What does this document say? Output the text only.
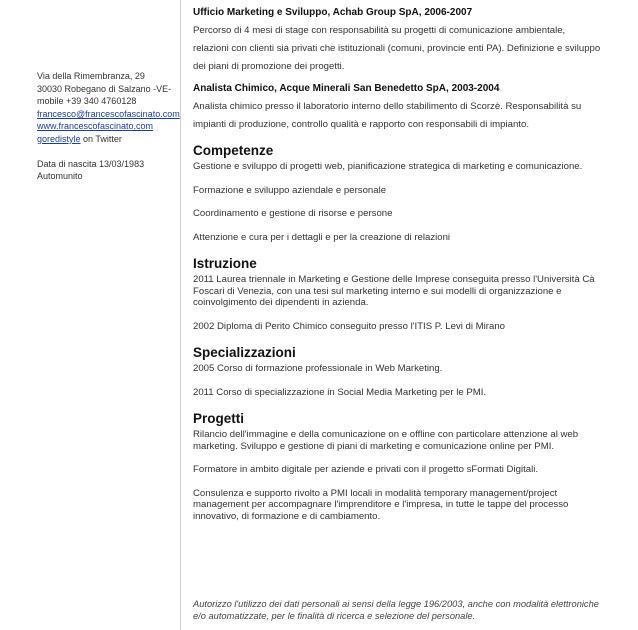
Via della Rimembranza, 29
30030 Robegano di Salzano -VE-
mobile +39 340 4760128
francesco@francescofascinato.com
www.francescofascinato.com
goredistyle on Twitter
Data di nascita 13/03/1983
Automunito
Ufficio Marketing e Sviluppo, Achab Group SpA, 2006-2007
Percorso di 4 mesi di stage con responsabilità su progetti di comunicazione ambientale, relazioni con clienti sia privati che istituzionali (comuni, provincie enti PA). Definizione e sviluppo dei piani di promozione dei progetti.
Analista Chimico, Acque Minerali San Benedetto SpA, 2003-2004
Analista chimico presso il laboratorio interno dello stabilimento di Scorzè. Responsabilità su impianti di produzione, controllo qualità e rapporto con responsabili di impianto.
Competenze
Gestione e sviluppo di progetti web, pianificazione strategica di marketing e comunicazione.
Formazione e sviluppo aziendale e personale
Coordinamento e gestione di risorse e persone
Attenzione e cura per i dettagli e per la creazione di relazioni
Istruzione
2011 Laurea triennale in Marketing e Gestione delle Imprese conseguita presso l'Università Cà Foscari di Venezia, con una tesi sul marketing interno e sui modelli di organizzazione e coinvolgimento dei dipendenti in azienda.
2002 Diploma di Perito Chimico conseguito presso l'ITIS P. Levi di Mirano
Specializzazioni
2005 Corso di formazione professionale in Web Marketing.
2011 Corso di specializzazione in Social Media Marketing per le PMI.
Progetti
Rilancio dell'immagine e della comunicazione on e offline con particolare attenzione al web marketing. Sviluppo e gestione di piani di marketing e comunicazione online per PMI.
Formatore in ambito digitale per aziende e privati con il progetto sFormati Digitali.
Consulenza e supporto rivolto a PMI locali in modalità temporary management/project management per accompagnare l'imprenditore e l'impresa, in tutte le tappe del processo innovativo, di formazione e di cambiamento.
Autorizzo l'utilizzo dei dati personali ai sensi della legge 196/2003, anche con modalità elettroniche e/o automatizzate, per le finalità di ricerca e selezione del personale.
